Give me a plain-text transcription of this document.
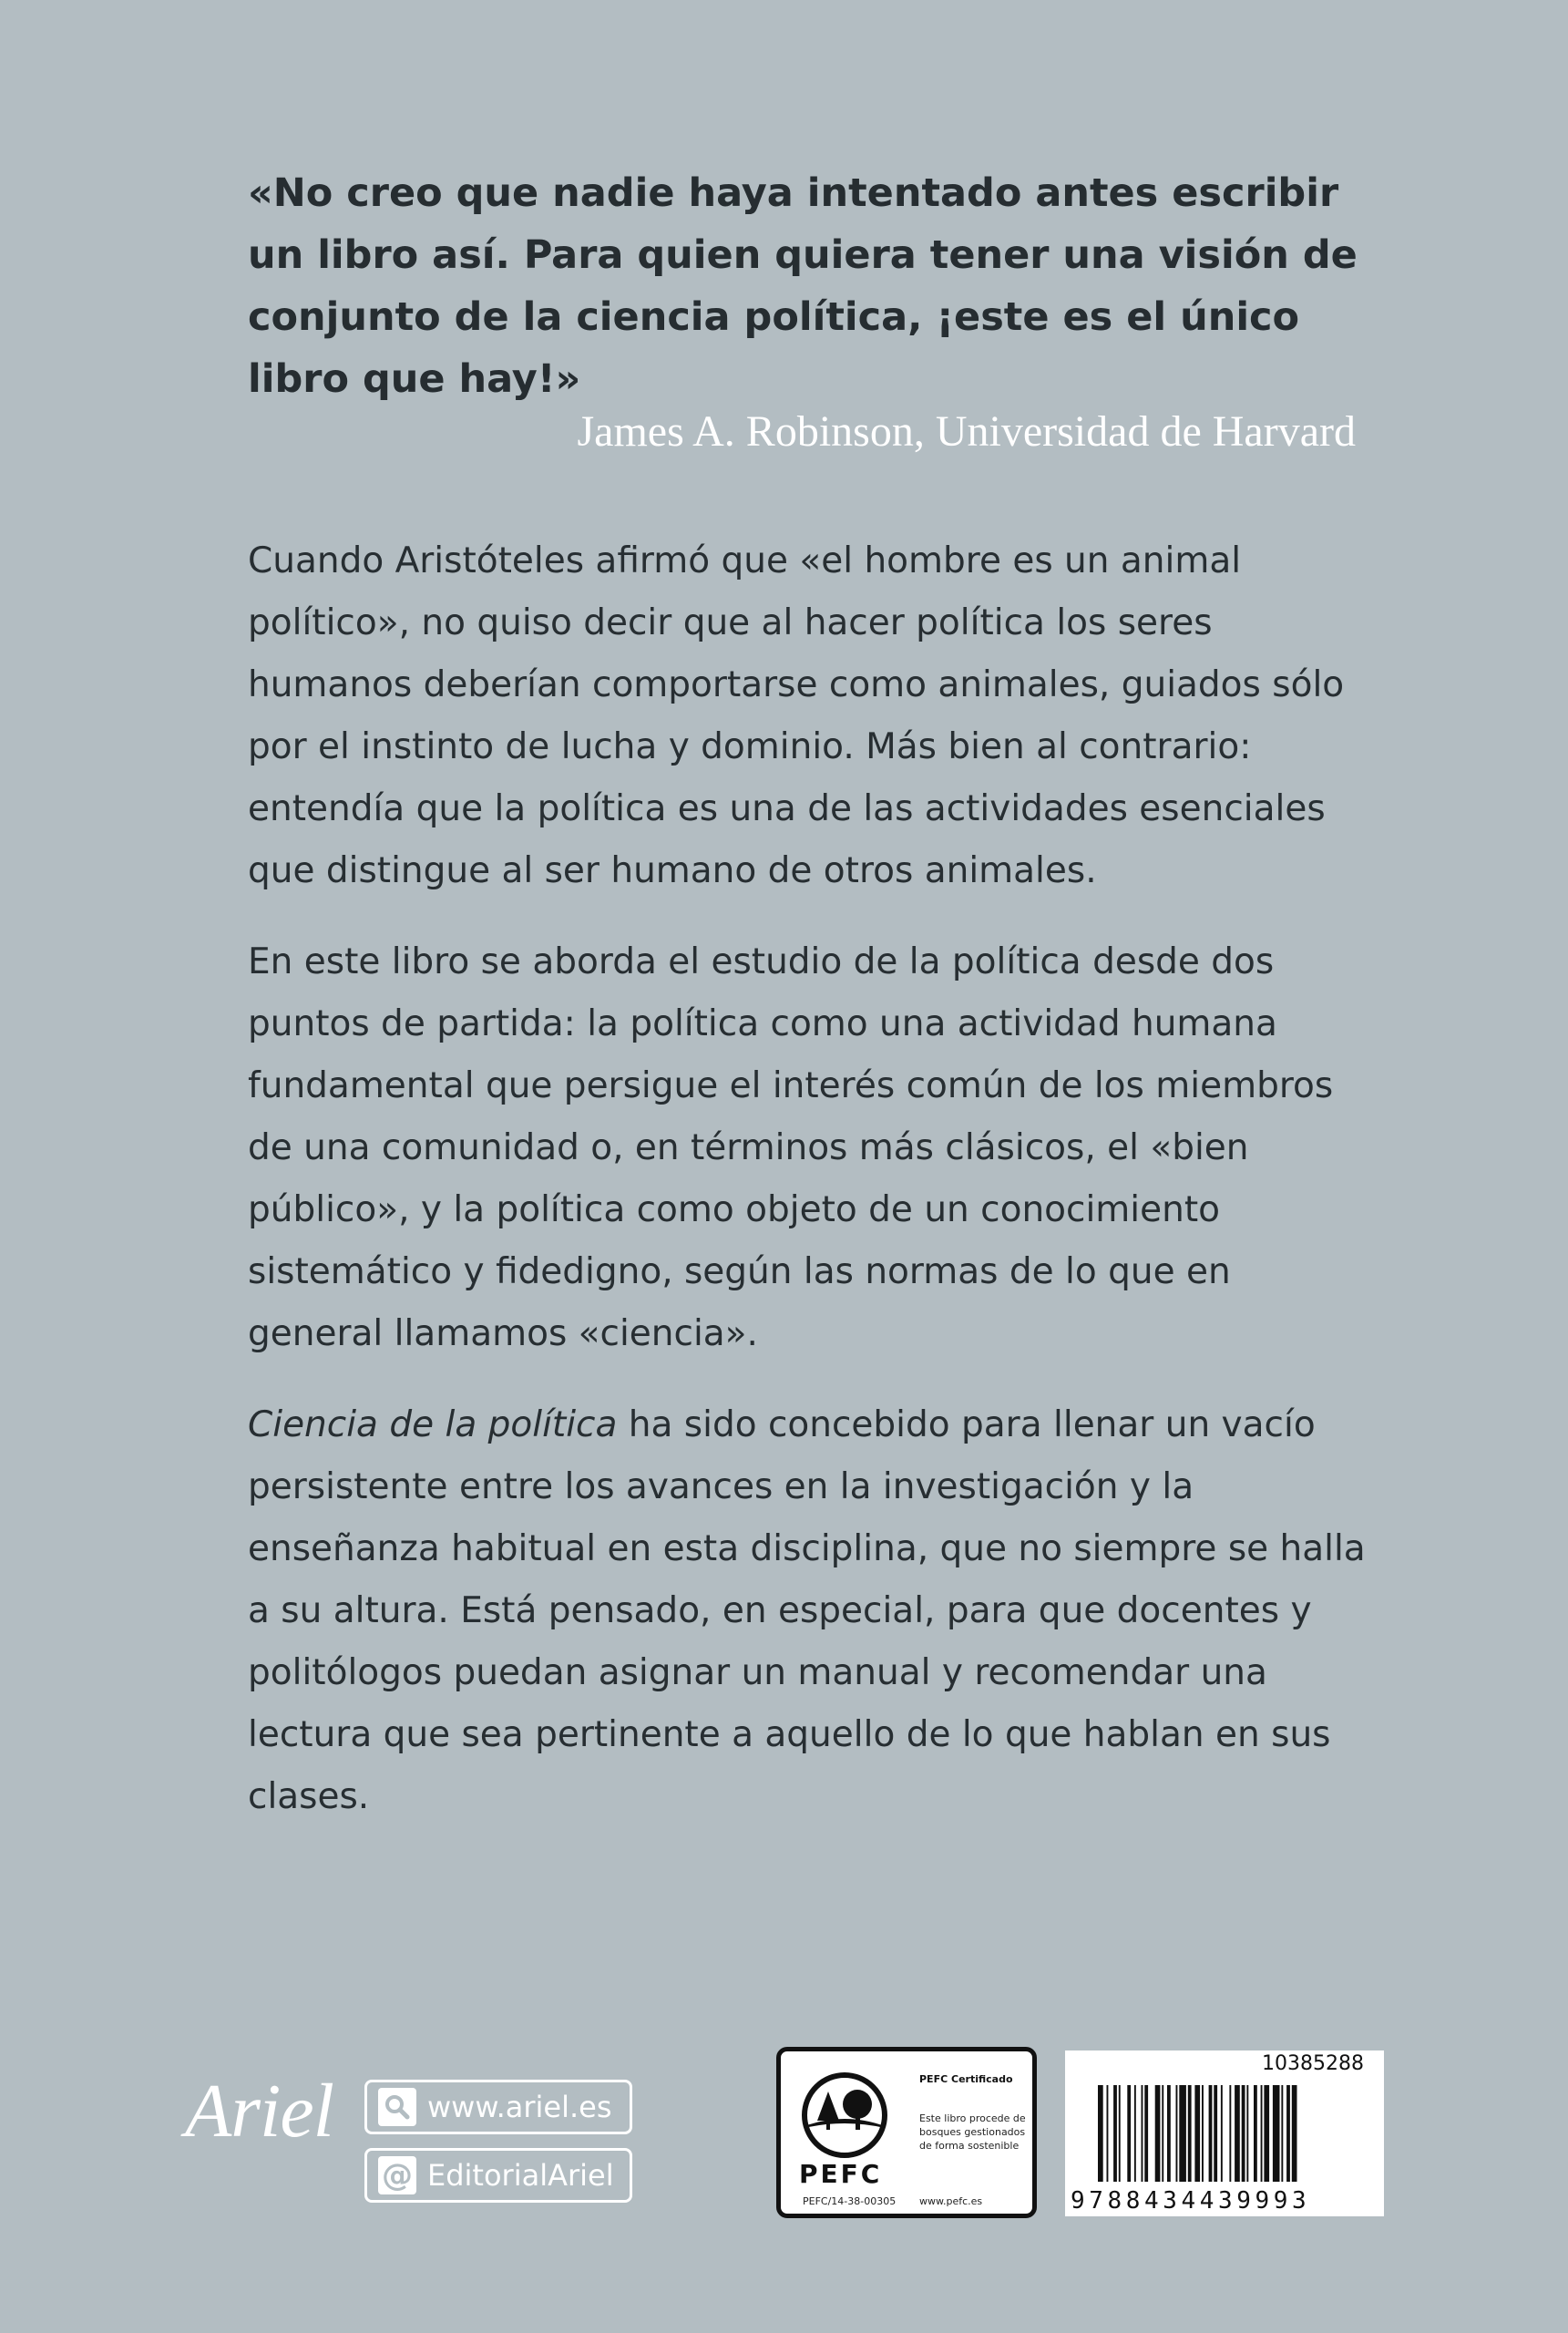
«No creo que nadie haya intentado antes escribir un libro así. Para quien quiera tener una visión de conjunto de la ciencia política, ¡este es el único libro que hay!»

James A. Robinson, Universidad de Harvard

Cuando Aristóteles afirmó que «el hombre es un animal político», no quiso decir que al hacer política los seres humanos deberían comportarse como animales, guiados sólo por el instinto de lucha y dominio. Más bien al contrario: entendía que la política es una de las actividades esenciales que distingue al ser humano de otros animales.

En este libro se aborda el estudio de la política desde dos puntos de partida: la política como una actividad humana fundamental que persigue el interés común de los miembros de una comunidad o, en términos más clásicos, el «bien público», y la política como objeto de un conocimiento sistemático y fidedigno, según las normas de lo que en general llamamos «ciencia».

Ciencia de la política ha sido concebido para llenar un vacío persistente entre los avances en la investigación y la enseñanza habitual en esta disciplina, que no siempre se halla a su altura. Está pensado, en especial, para que docentes y politólogos puedan asignar un manual y recomendar una lectura que sea pertinente a aquello de lo que hablan en sus clases.

Ariel	www.ariel.es
@ EditorialAriel	PEFC
PEFC/14-38-00305
PEFC Certificado
Este libro procede de bosques gestionados de forma sostenible
www.pefc.es
10385288
9788434439993
